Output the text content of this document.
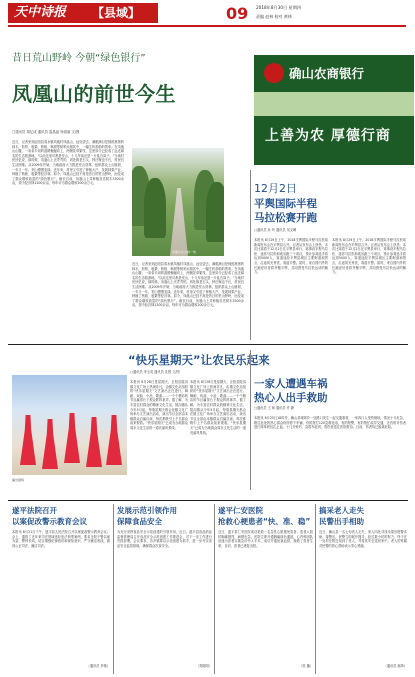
天中诗报 【县域】	09 2018年8月30日 星期四
责编 赵林 校对 黄林
昔日荒山野岭 今朝“绿色银行”
凤凰山的前世今生
□通讯员 周亿成 通讯员 雷晶晶 杨春丽 文/图
近日，记者来到泌阳县春水镇凤凰村凤凰山，远处望去，满眼满目是郁郁葱葱的林木，松柏、板栗、核桃、枫树等树种点缀其中，一幅生机勃勃的景象。在凤凰山山腰，一条条平坦的道路蜿蜒向上，两侧花草繁茂，这里如今已经成了远近闻名的生态旅游地。“以前这里可都是荒山，十几年前还是一片乱石岗子。”当地村民回忆说，那时候，凤凰山上光秃秃的，到处都是石头，种庄稼也不长，村民们生活困难。从2009年开始，当地政府大力推进荒山造林，组织群众上山植树，一年又一年，荒山慢慢变绿。近年来，村里又引进了种植大户，发展林果产业，种植了核桃、板栗等经济林。如今，凤凰山已经不再是昔日的荒山野岭，而变成了群众增收致富的“绿色银行”。截至目前，凤凰山上共种植各类树木3500余亩，其中经济林1200余亩，每年可为群众增收200余万元。
近日，记者来到泌阳县春水镇凤凰村凤凰山，远处望去，满眼满目是郁郁葱葱的林木，松柏、板栗、核桃、枫树等树种点缀其中，一幅生机勃勃的景象。在凤凰山山腰，一条条平坦的道路蜿蜒向上，两侧花草繁茂，这里如今已经成了远近闻名的生态旅游地。“以前这里可都是荒山，十几年前还是一片乱石岗子。”当地村民回忆说，那时候，凤凰山上光秃秃的，到处都是石头，种庄稼也不长，村民们生活困难。从2009年开始，当地政府大力推进荒山造林，组织群众上山植树，一年又一年，荒山慢慢变绿。近年来，村里又引进了种植大户，发展林果产业，种植了核桃、板栗等经济林。如今，凤凰山已经不再是昔日的荒山野岭，而变成了群众增收致富的“绿色银行”。截至目前，凤凰山上共种植各类树木3500余亩，其中经济林1200余亩，每年可为群众增收200余万元。
凤凰山生态林一角
确山农商银行
上善为农 厚德行商
12月2日
平舆国际半程
马拉松赛开跑
□通讯员 孙 玲 通讯员 吴文琳
本报讯 8月29日上午，2018平舆国际半程马拉松赛新闻发布会在平舆县召开。记者从发布会上获悉，本次比赛将于12月2日在平舆县举行，赛事设半程马拉松、迷你马拉松和欢乐跑三个项目，预计参赛选手将达到5000人，赛道途经平舆县城区主要街道和景点，沿途风光秀美，赛道平整。届时，来自国内外的长跑爱好者将齐聚平舆，共同感受马拉松运动的魅力。
本报讯 8月29日上午，2018平舆国际半程马拉松赛新闻发布会在平舆县召开。记者从发布会上获悉，本次比赛将于12月2日在平舆县举行，赛事设半程马拉松、迷你马拉松和欢乐跑三个项目，预计参赛选手将达到5000人，赛道途经平舆县城区主要街道和景点，沿途风光秀美，赛道平整。届时，来自国内外的长跑爱好者将齐聚平舆，共同感受马拉松运动的魅力。
“快乐星期天”让农民乐起来
□通讯员 李玉英 通讯员 沈慧 文/图
本报讯 8月26日是星期天，正阳县陡沟镇文化广场上热闹非凡，由镇文化站组织的“快乐星期天”文艺演出正在进行。舞蹈、戏曲、小品、歌曲……一个个精彩的节目赢得台下观众阵阵掌声。据了解，为丰富农村群众的精神文化生活，陡沟镇从今年5月起，每逢星期天都会在镇文化广场举办文艺演出活动，演出节目全部由本镇群众自编自演，每次都吸引上千名群众前来观看。“快乐星期天”已成为当地群众周末文化生活的一道亮丽风景线。
本报讯 8月26日是星期天，正阳县陡沟镇文化广场上热闹非凡，由镇文化站组织的“快乐星期天”文艺演出正在进行。舞蹈、戏曲、小品、歌曲……一个个精彩的节目赢得台下观众阵阵掌声。据了解，为丰富农村群众的精神文化生活，陡沟镇从今年5月起，每逢星期天都会在镇文化广场举办文艺演出活动，演出节目全部由本镇群众自编自演，每次都吸引上千名群众前来观看。“快乐星期天”已成为当地群众周末文化生活的一道亮丽风景线。
演出现场
一家人遭遇车祸
热心人出手救助
□通讯员 王 林 通讯员 许 静
本报讯 8月25日18时许，确山县城郊乡一处路口发生一起交通事故，一家四口人受伤倒地，情况十分危急。路过此处的热心群众纷纷停下车辆，有的拨打120急救电话，有的报警，有的帮忙疏导交通，还有的对伤者进行简单的包扎止血。十几分钟后，急救车赶到，将伤者送往医院救治。目前，伤者均已脱离危险。
遂平法院召开
以案促改警示教育会议
本报讯 8月21日下午，遂平县人民法院召开以案促改警示教育会议。会上，通报了近年来司法领域违纪违法典型案例，要求全院干警以案为鉴、警钟长鸣，切实增强纪律意识和规矩意识，严守廉洁底线，做到公正司法、廉洁司法。
（通讯员 李艳）
发展示范引领作用
保障食品安全
为充分发挥食品安全示范创建的引领作用，近日，遂平县食品药品监督管理局召开食品安全示范创建工作推进会，对下一步工作进行安排部署。会议要求，各乡镇要以示范创建为抓手，进一步夯实食品安全监管基础，确保群众饮食安全。
（郑瑞阳）
遂平仁安医院
抢救心梗患者“快、准、稳”
近日，遂平县仁安医院成功抢救一名急性心肌梗死患者。患者入院时胸痛剧烈，病情危急，医院立即开通胸痛绿色通道，心内科团队迅速为患者实施急诊介入手术，成功开通闭塞血管，挽救了患者生命。目前，患者已康复出院。
（张 璐）
搞采老人走失
民警出手相助
近日，确山县一名七旬老人走失，家人四处寻找未果后报警求助。接警后，民警立即展开搜寻，经过数小时的努力，终于在一处村庄附近找到了老人，并将其安全送回家中。老人的家属对民警的热心帮助表示衷心感谢。
（通讯员 郝琦）
